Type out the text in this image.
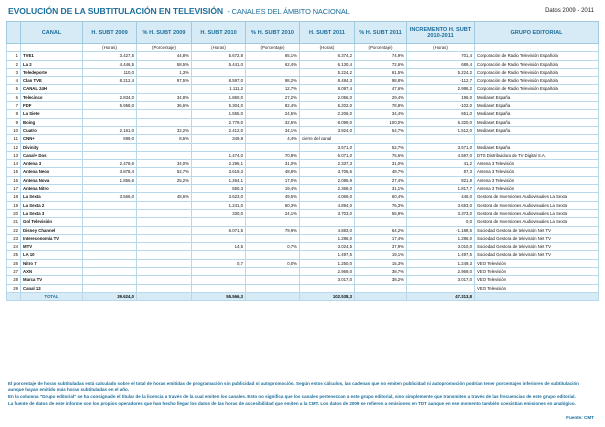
EVOLUCIÓN DE LA SUBTITULACIÓN EN TELEVISIÓN - CANALES DEL ÁMBITO NACIONAL	Datos 2009 - 2011
	CANAL	H. SUBT 2009	% H. SUBT 2009	H. SUBT 2010	% H. SUBT 2010	H. SUBT 2011	% H. SUBT 2011	INCREMENTO H. SUBT 2010-2011	GRUPO EDITORIAL
		(Horas)	(Porcentaje)	(Horas)	(Porcentaje)	(Horas)	(Porcentaje)	(Horas)	
1	TVE1	3.427,5	44,8%	5.672,8	65,1%	6.374,2	74,9%	701,4	Corporación de Radio Televisión Española
2	La 2	4.446,5	58,5%	5.441,0	62,4%	6.130,4	72,6%	689,4	Corporación de Radio Televisión Española
3	Teledeporte	110,0	1,3%			5.224,2	61,5%	5.224,2	Corporación de Radio Televisión Española
4	Clan TVE	8.212,4	97,5%	8.597,0	98,2%	8.484,3	98,8%	-112,7	Corporación de Radio Televisión Española
5	CANAL 24H			1.111,2	12,7%	8.097,4	47,6%	2.986,2	Corporación de Radio Televisión Española
6	Telecinco	2.834,0	34,8%	1.860,0	27,2%	2.056,0	29,4%	196,0	Mediaset España
7	FDF	5.958,0	36,6%	5.304,0	82,4%	5.202,0	78,8%	-102,0	Mediaset España
8	La Siete			1.555,0	24,5%	2.206,0	34,4%	651,0	Mediaset España
9	Boing			2.779,0	32,6%	8.099,0	100,0%	5.320,0	Mediaset España
10	Cuatro	2.161,0	32,2%	2.412,0	34,1%	3.924,0	54,7%	1.512,0	Mediaset España
11	CNN+	699,0	8,5%	349,8	4,4%	cierre del canal			
12	Divinity					3.571,0	52,7%	3.571,0	Mediaset España
13	Canal+ Dos			1.474,0	70,9%	6.071,0	75,6%	4.597,0	DTS Distribuidora de TV Digital S.A.
14	Antena 3	2.478,6	34,0%	2.296,1	31,0%	2.337,3	31,0%	41,2	Antena 3 Televisión
15	Antena Neox	3.878,4	52,7%	3.619,3	48,8%	3.706,6	48,7%	87,3	Antena 3 Televisión
16	Antena Nova	1.856,6	25,2%	1.264,1	17,0%	2.085,9	27,4%	821,8	Antena 3 Televisión
17	Antena Nitro			550,3	19,4%	2.368,0	31,1%	1.817,7	Antena 3 Televisión
18	La Sexta	3.566,0	48,6%	3.623,0	49,5%	4.069,0	60,4%	446,0	Gestora de Inversiones Audiovisuales La Sexta
19	La Sexta 2			1.241,0	60,3%	4.894,0	76,3%	3.653,0	Gestora de Inversiones Audiovisuales La Sexta
20	La Sexta 3			330,0	24,1%	3.703,0	55,9%	3.373,0	Gestora de Inversiones Audiovisuales La Sexta
21	Gol Televisión							0,0	Gestora de Inversiones Audiovisuales La Sexta
22	Disney Channel			6.071,5	79,9%	4.883,0	64,2%	-1.188,5	Sociedad Gestora de televisión Net TV
23	Intereconomía TV					1.286,0	17,4%	1.286,0	Sociedad Gestora de televisión Net TV
24	MTV			14,5	0,7%	3.024,5	37,9%	3.010,0	Sociedad Gestora de televisión Net TV
25	LA 10					1.497,5	19,1%	1.497,5	Sociedad Gestora de televisión Net TV
26	Nitro 7			0,7	0,0%	1.250,0	15,3%	1.249,3	VEO Televisión
27	AXN					2.969,0	38,7%	2.969,0	VEO Televisión
28	Marca TV					3.017,0	38,2%	3.017,0	VEO Televisión
29	Canal 13								VEO Televisión
	TOTAL	39.624,0		55.566,3		102.538,3		47.313,8	

El porcentaje de horas subtituladas está calculado sobre el total de horas emitidas de programación sin publicidad ni autopromoción. Según estos cálculos, las cadenas que no emiten publicidad ni autopromoción podrían tener porcentajes inferiores de subtitulación aunque hayan emitido más horas subtituladas en el año.

En la columna "Grupo editorial" se ha consignado el titular de la licencia a través de la cual emiten los canales. Esto no significa que los canales pertenezcan a este grupo editorial, sino simplemente que transmiten a través de las frecuencias de este grupo editorial.

La fuente de datos de este informe son los propios operadores que han hecho llegar los datos de las horas de accesibilidad que emiten a la CMT. Los datos de 2009 se refieren a emisiones en TDT aunque en ese momento también coexistían emisiones en analógico.

Fuente: CMT
